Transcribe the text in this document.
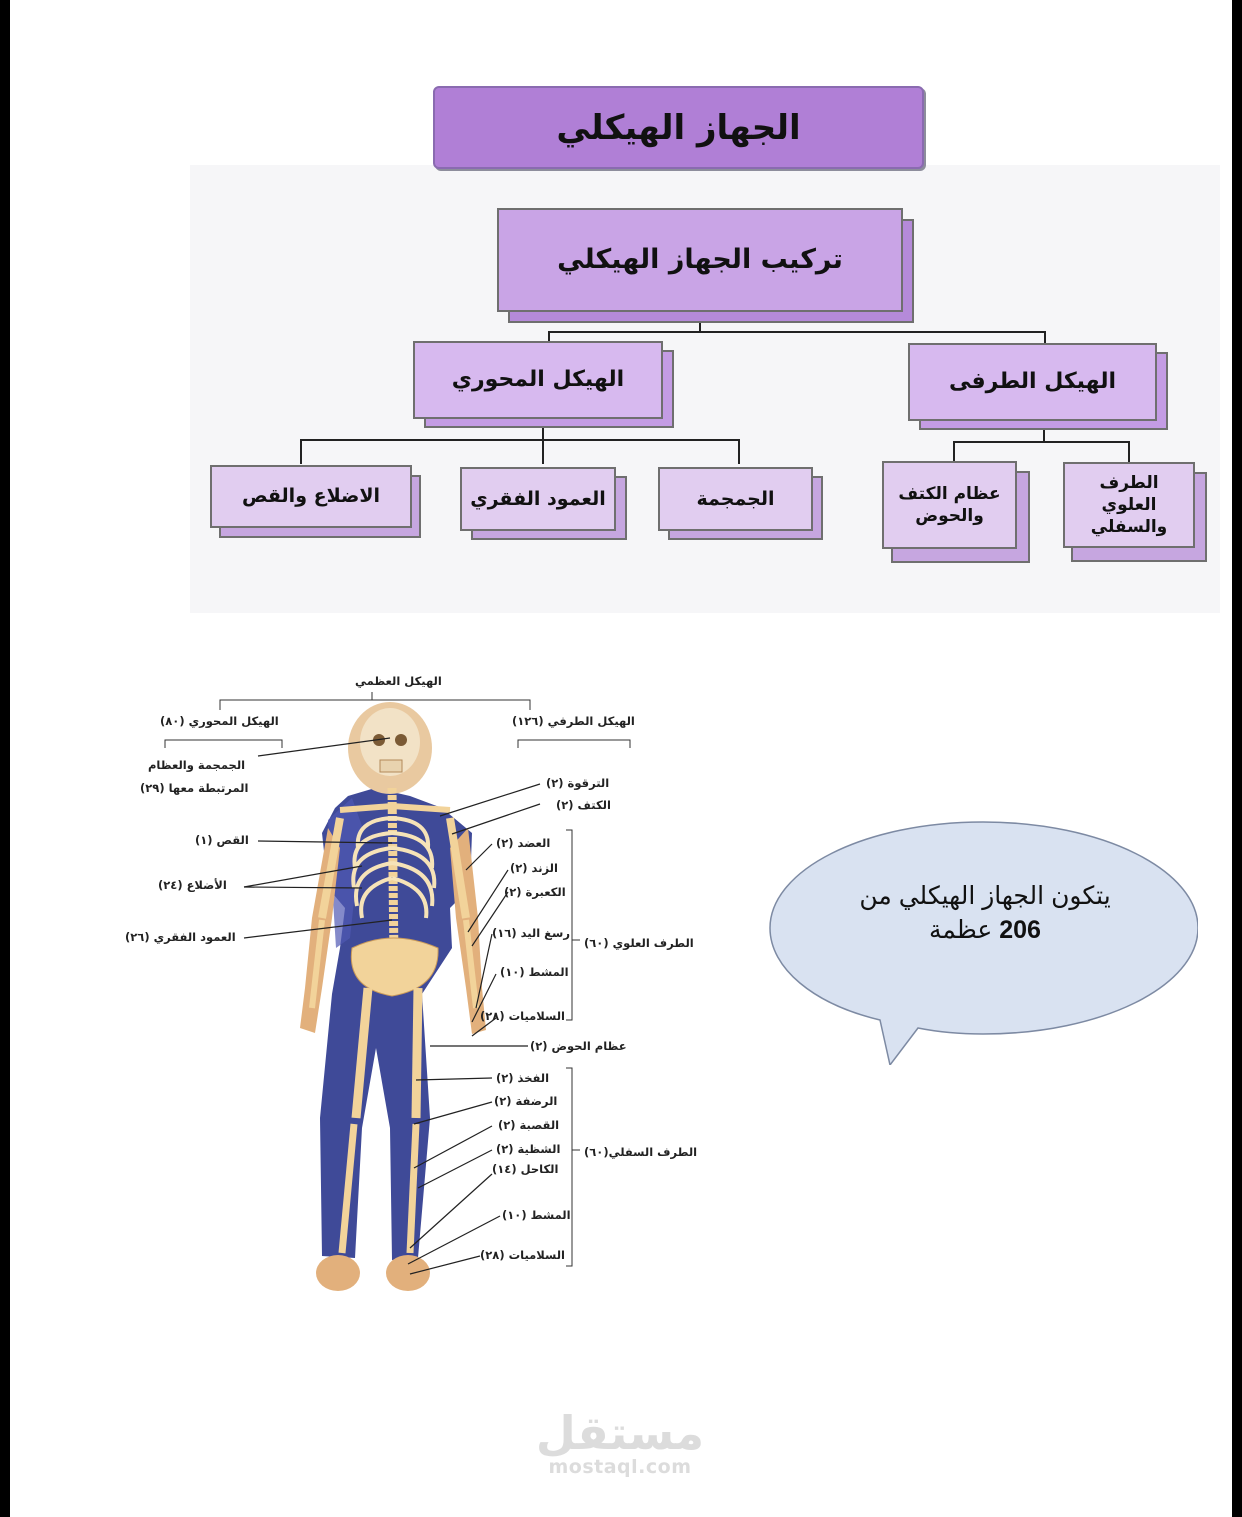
الجهاز الهيكلي
تركيب الجهاز الهيكلي
الهيكل المحوري	الهيكل الطرفى
الجمجمة
العمود الفقري
الاضلاع والقص	عظام الكتف والحوض
الطرف العلوي والسفلي
الهيكل العظمي
الهيكل المحوري (٨٠)	الهيكل الطرفي (١٢٦)
الجمجمة والعظام
المرتبطة معها (٢٩)
القص (١)
الأضلاع (٢٤)
العمود الفقري (٢٦)
الترقوة (٢)
الكتف (٢)
العضد (٢)
الزند (٢)
الكعبرة (٢)
رسغ اليد (١٦)
المشط (١٠)
السلاميات (٢٨)
عظام الحوض (٢)
الفخذ (٢)
الرضفة (٢)
القصبة (٢)
الشظية (٢)
الكاحل (١٤)
المشط (١٠)
السلاميات (٢٨)
الطرف العلوي (٦٠)
الطرف السفلي(٦٠)
يتكون الجهاز الهيكلي من
206 عظمة
مستقل
mostaql.com
